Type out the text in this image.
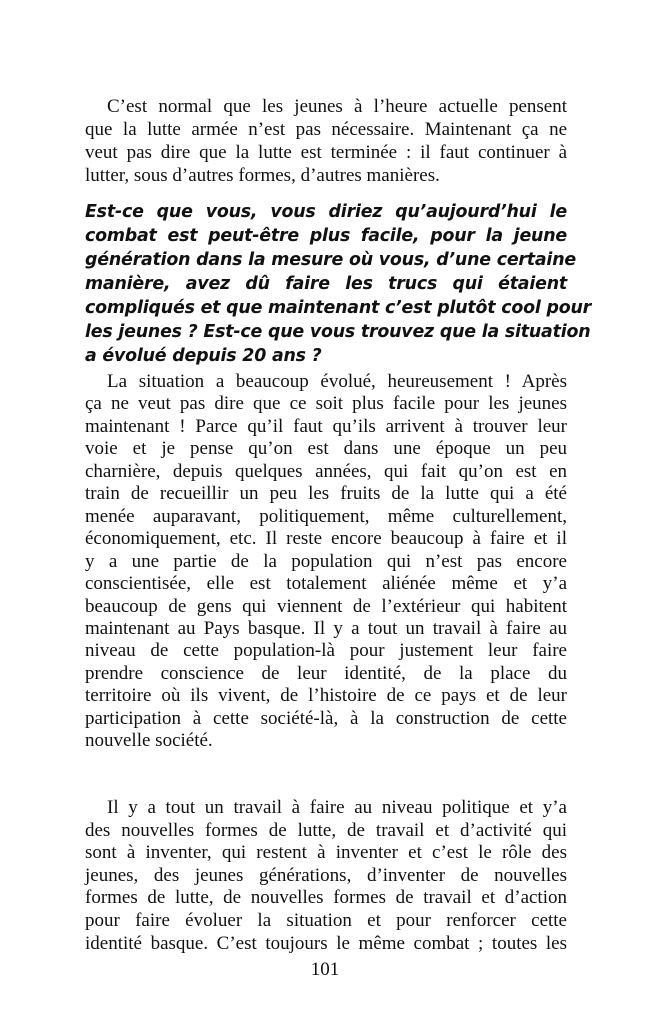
C’est normal que les jeunes à l’heure actuelle pensent
que la lutte armée n’est pas nécessaire. Maintenant ça ne
veut pas dire que la lutte est terminée : il faut continuer à
lutter, sous d’autres formes, d’autres manières.
Est-ce que vous, vous diriez qu’aujourd’hui le
combat est peut-être plus facile, pour la jeune
génération dans la mesure où vous, d’une certaine
manière, avez dû faire les trucs qui étaient
compliqués et que maintenant c’est plutôt cool pour
les jeunes ? Est-ce que vous trouvez que la situation
a évolué depuis 20 ans ?
La situation a beaucoup évolué, heureusement ! Après
ça ne veut pas dire que ce soit plus facile pour les jeunes
maintenant ! Parce qu’il faut qu’ils arrivent à trouver leur
voie et je pense qu’on est dans une époque un peu
charnière, depuis quelques années, qui fait qu’on est en
train de recueillir un peu les fruits de la lutte qui a été
menée auparavant, politiquement, même culturellement,
économiquement, etc. Il reste encore beaucoup à faire et il
y a une partie de la population qui n’est pas encore
conscientisée, elle est totalement aliénée même et y’a
beaucoup de gens qui viennent de l’extérieur qui habitent
maintenant au Pays basque. Il y a tout un travail à faire au
niveau de cette population-là pour justement leur faire
prendre conscience de leur identité, de la place du
territoire où ils vivent, de l’histoire de ce pays et de leur
participation à cette société-là, à la construction de cette
nouvelle société.
Il y a tout un travail à faire au niveau politique et y’a
des nouvelles formes de lutte, de travail et d’activité qui
sont à inventer, qui restent à inventer et c’est le rôle des
jeunes, des jeunes générations, d’inventer de nouvelles
formes de lutte, de nouvelles formes de travail et d’action
pour faire évoluer la situation et pour renforcer cette
identité basque. C’est toujours le même combat ; toutes les
101
